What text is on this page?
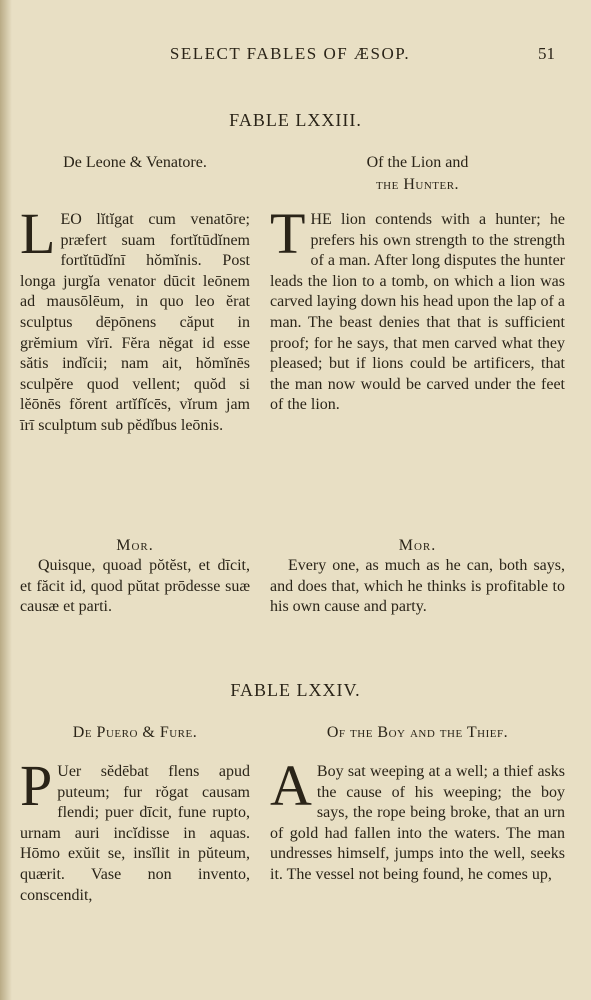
SELECT FABLES OF ÆSOP.	51
FABLE LXXIII.
De Leone & Venatore.	Of the Lion and
the Hunter.
L EO lĭtĭgat cum venatōre; præfert suam fortĭtūdĭnem fortĭtūdĭnī hŏmĭnis. Post longa jurgĭa venator dūcit leōnem ad mausōlēum, in quo leo ĕrat sculptus dēpōnens căput in grĕmium vĭrī. Fĕra nĕgat id esse sătis indĭcii; nam ait, hŏmĭnēs sculpĕre quod vellent; quŏd si lĕōnēs fŏrent artĭfĭcēs, vĭrum jam īrī sculptum sub pĕdĭbus leōnis.

T HE lion contends with a hunter; he prefers his own strength to the strength of a man. After long disputes the hunter leads the lion to a tomb, on which a lion was carved laying down his head upon the lap of a man. The beast denies that that is sufficient proof; for he says, that men carved what they pleased; but if lions could be artificers, that the man now would be carved under the feet of the lion.

Mor.
Quisque, quoad pŏtĕst, et dīcit, et făcit id, quod pŭtat prōdesse suæ causæ et parti.
Mor.
Every one, as much as he can, both says, and does that, which he thinks is profitable to his own cause and party.
FABLE LXXIV.
De Puero & Fure.	Of the Boy and the Thief.
P Uer sĕdēbat flens apud puteum; fur rŏgat causam flendi; puer dīcit, fune rupto, urnam auri incĭdisse in aquas. Hōmo exŭit se, insĭlit in pŭteum, quærit. Vase non invento, conscendit,

A Boy sat weeping at a well; a thief asks the cause of his weeping; the boy says, the rope being broke, that an urn of gold had fallen into the waters. The man undresses himself, jumps into the well, seeks it. The vessel not being found, he comes up,
